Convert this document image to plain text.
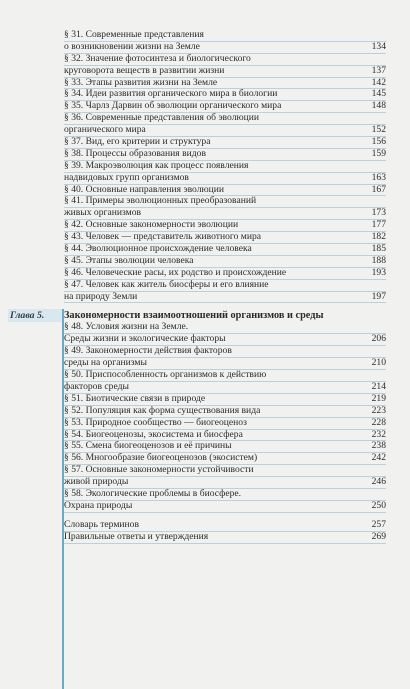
§ 31. Современные представления
о возникновении жизни на Земле	134
§ 32. Значение фотосинтеза и биологического
круговорота веществ в развитии жизни	137
§ 33. Этапы развития жизни на Земле	142
§ 34. Идеи развития органического мира в биологии	145
§ 35. Чарлз Дарвин об эволюции органического мира	148
§ 36. Современные представления об эволюции
органического мира	152
§ 37. Вид, его критерии и структура	156
§ 38. Процессы образования видов	159
§ 39. Макроэволюция как процесс появления
надвидовых групп организмов	163
§ 40. Основные направления эволюции	167
§ 41. Примеры эволюционных преобразований
живых организмов	173
§ 42. Основные закономерности эволюции	177
§ 43. Человек — представитель животного мира	182
§ 44. Эволюционное происхождение человека	185
§ 45. Этапы эволюции человека	188
§ 46. Человеческие расы, их родство и происхождение	193
§ 47. Человек как житель биосферы и его влияние
на природу Земли	197
Глава 5.	Закономерности взаимоотношений организмов и среды
§ 48. Условия жизни на Земле.
Среды жизни и экологические факторы	206
§ 49. Закономерности действия факторов
среды на организмы	210
§ 50. Приспособленность организмов к действию
факторов среды	214
§ 51. Биотические связи в природе	219
§ 52. Популяция как форма существования вида	223
§ 53. Природное сообщество — биогеоценоз	228
§ 54. Биогеоценозы, экосистема и биосфера	232
§ 55. Смена биогеоценозов и её причины	238
§ 56. Многообразие биогеоценозов (экосистем)	242
§ 57. Основные закономерности устойчивости
живой природы	246
§ 58. Экологические проблемы в биосфере.
Охрана природы	250
Словарь терминов	257
Правильные ответы и утверждения	269
